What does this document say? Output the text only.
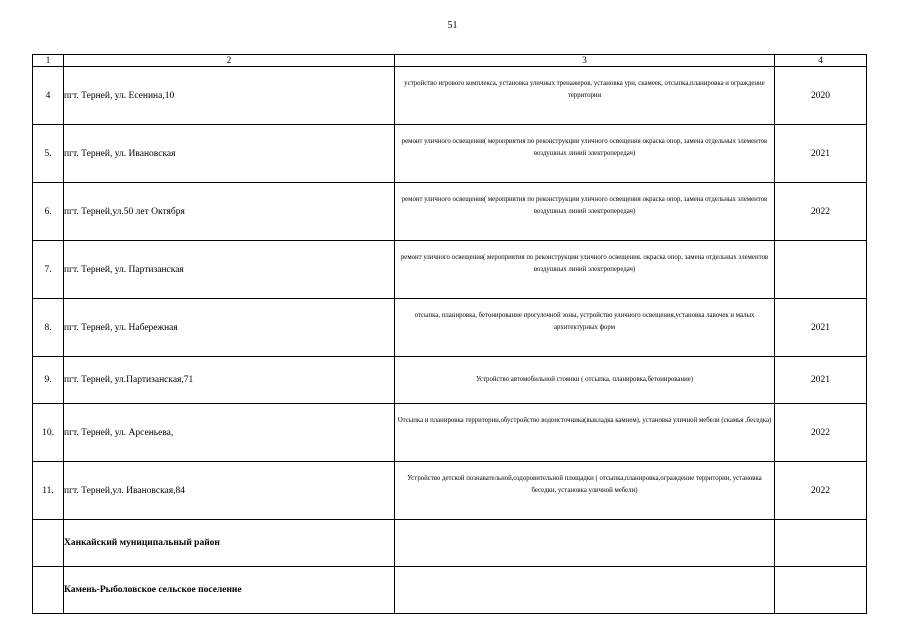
51
1	2	3	4
4	пгт. Терней, ул. Есенина,10	устройство игрового комплекса, установка уличных тренажеров, установка урн, скамеек, отсыпка,планировка и ограждение территории	2020
5.	пгт. Терней, ул. Ивановская	ремонт уличного освещения( мероприятия по реконструкции уличного освещения окраска опор, замена отдельных элементов воздушных линий электропередач)	2021
6.	пгт. Терней,ул.50 лет Октября	ремонт уличного освещения( мероприятия по реконструкции уличного освещения окраска опор, замена отдельных элементов воздушных линий электропередач)	2022
7.	пгт. Терней, ул. Партизанская	ремонт уличного освещения( мероприятия по реконструкции уличного освещения. окраска опор, замена отдельных элементов воздушных линий электропередач)	
8.	пгт. Терней, ул. Набережная	отсыпка, планировка, бетонирование прогулочной зоны, устройство уличного освещения,установка лавочек и малых архитектурных форм	2021
9.	пгт. Терней, ул.Партизанская,71	Устройство автомобильной стоянки ( отсыпка, планировка,бетонирование)	2021
10.	пгт. Терней, ул. Арсеньева,	Отсыпка и планировка территории,обустройство водоисточника(выкладка камнем), установка уличной мебели (скамья ,беседка)	2022
11.	пгт. Терней,ул. Ивановская,84	Устройство детской познавательной,оздоровительной площадки ( отсыпка,планировка,ограждение территории, установка беседки, установка уличной мебели)	2022
	Ханкайский муниципальный район		
	Камень-Рыболовское сельское поселение		
